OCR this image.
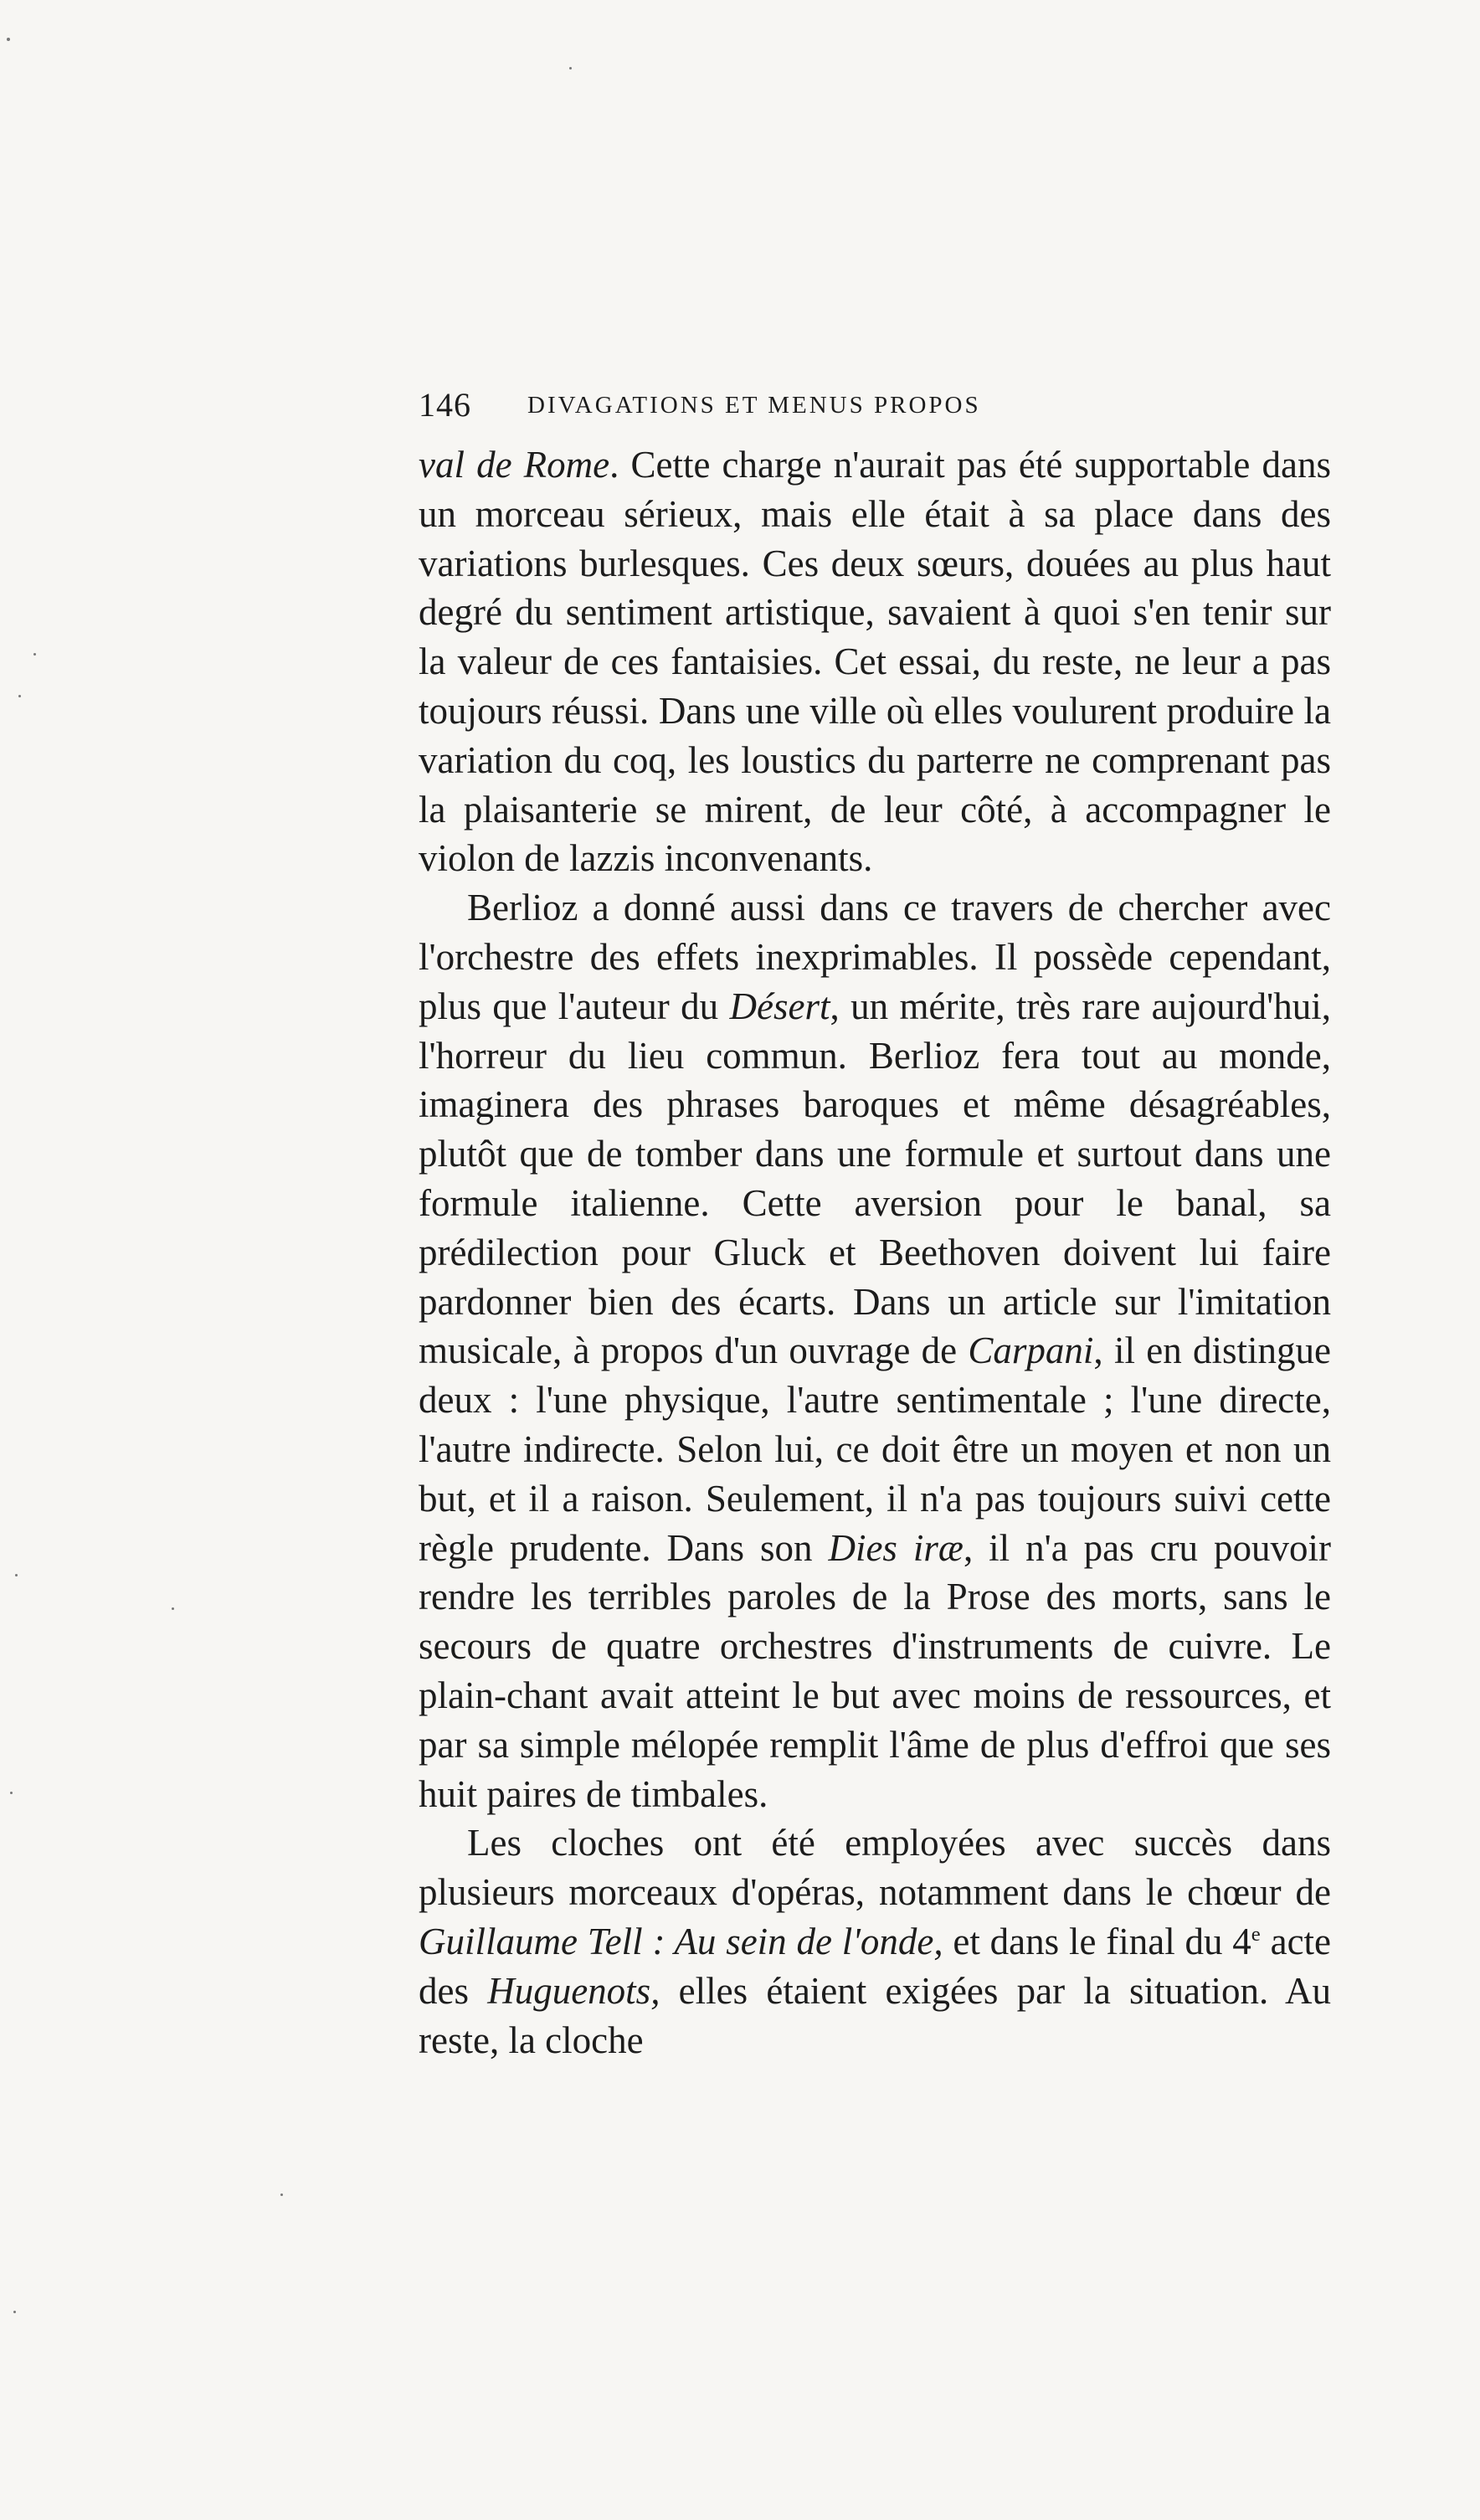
146 DIVAGATIONS ET MENUS PROPOS

val de Rome. Cette charge n'aurait pas été supportable dans un morceau sérieux, mais elle était à sa place dans des variations burlesques. Ces deux sœurs, douées au plus haut degré du sentiment artistique, savaient à quoi s'en tenir sur la valeur de ces fantaisies. Cet essai, du reste, ne leur a pas toujours réussi. Dans une ville où elles voulurent produire la variation du coq, les loustics du parterre ne comprenant pas la plaisanterie se mirent, de leur côté, à accompagner le violon de lazzis inconvenants.

Berlioz a donné aussi dans ce travers de chercher avec l'orchestre des effets inexprimables. Il possède cependant, plus que l'auteur du Désert, un mérite, très rare aujourd'hui, l'horreur du lieu commun. Berlioz fera tout au monde, imaginera des phrases baroques et même désagréables, plutôt que de tomber dans une formule et surtout dans une formule italienne. Cette aversion pour le banal, sa prédilection pour Gluck et Beethoven doivent lui faire pardonner bien des écarts. Dans un article sur l'imitation musicale, à propos d'un ouvrage de Carpani, il en distingue deux : l'une physique, l'autre sentimentale ; l'une directe, l'autre indirecte. Selon lui, ce doit être un moyen et non un but, et il a raison. Seulement, il n'a pas toujours suivi cette règle prudente. Dans son Dies iræ, il n'a pas cru pouvoir rendre les terribles paroles de la Prose des morts, sans le secours de quatre orchestres d'instruments de cuivre. Le plain-chant avait atteint le but avec moins de ressources, et par sa simple mélopée remplit l'âme de plus d'effroi que ses huit paires de timbales.

Les cloches ont été employées avec succès dans plusieurs morceaux d'opéras, notamment dans le chœur de Guillaume Tell : Au sein de l'onde, et dans le final du 4e acte des Huguenots, elles étaient exigées par la situation. Au reste, la cloche
